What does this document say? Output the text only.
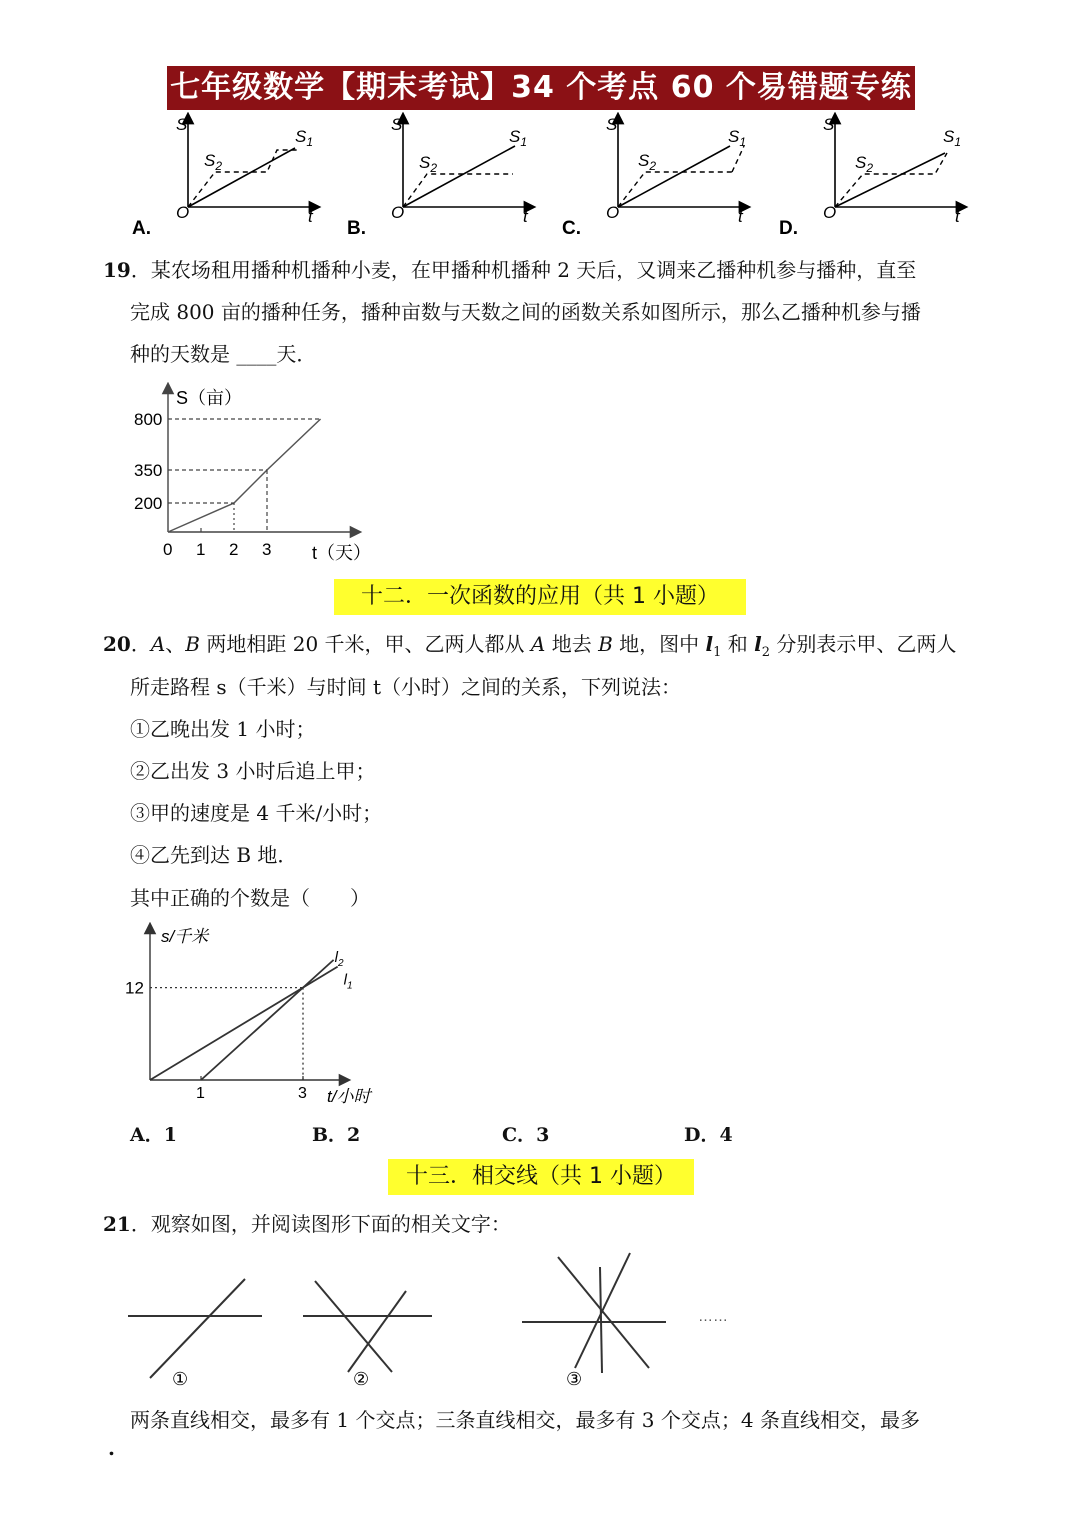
七年级数学【期末考试】34 个考点 60 个易错题专练
S
t
O
$S_1$
$S_2$
A.
S
t
O
$S_1$
$S_2$
B.
S
t
O
$S_1$
$S_2$
C.
S
t
O
$S_1$
$S_2$
D.
19．某农场租用播种机播种小麦，在甲播种机播种 2 天后，又调来乙播种机参与播种，直至
完成 800 亩的播种任务，播种亩数与天数之间的函数关系如图所示，那么乙播种机参与播
种的天数是 ____天．
800
350
200
0 1 2 3
S（亩）
t（天）
十二．一次函数的应用（共 1 小题）
20．A、B 两地相距 20 千米，甲、乙两人都从 A 地去 B 地，图中 $l_1$ 和 $l_2$ 分别表示甲、乙两人
所走路程 s（千米）与时间 t（小时）之间的关系，下列说法：
①乙晚出发 1 小时；
②乙出发 3 小时后追上甲；
③甲的速度是 4 千米/小时；
④乙先到达 B 地．
其中正确的个数是（　　）
12
1	3
$l_2$
$l_1$
s/千米
t/小时
A．1	B．2	C．3	D．4
十三．相交线（共 1 小题）
21．观察如图，并阅读图形下面的相关文字：
①	②	③
……
两条直线相交，最多有 1 个交点；三条直线相交，最多有 3 个交点；4 条直线相交，最多
.
